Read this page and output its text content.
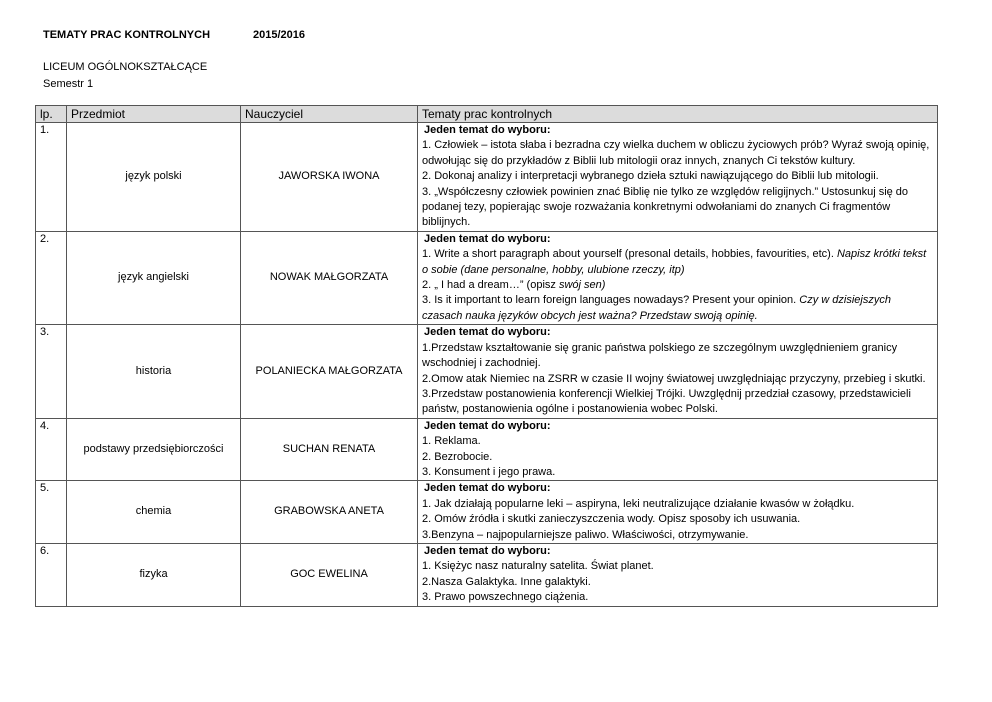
TEMATY PRAC KONTROLNYCH	2015/2016
LICEUM OGÓLNOKSZTAŁCĄCE
Semestr 1
lp.	Przedmiot	Nauczyciel	Tematy prac kontrolnych
1.	język polski	JAWORSKA IWONA	Jeden temat do wyboru:

1. Człowiek – istota słaba i bezradna czy wielka duchem w obliczu życiowych prób? Wyraź swoją opinię, odwołując się do przykładów z Biblii lub mitologii oraz innych, znanych Ci tekstów kultury.

2. Dokonaj analizy i interpretacji wybranego dzieła sztuki nawiązującego do Biblii lub mitologii.

3. „Współczesny człowiek powinien znać Biblię nie tylko ze względów religijnych.” Ustosunkuj się do podanej tezy, popierając swoje rozważania konkretnymi odwołaniami do znanych Ci fragmentów biblijnych.

2.	język angielski	NOWAK MAŁGORZATA	Jeden temat do wyboru:

1. Write a short paragraph about yourself (presonal details, hobbies, favourities, etc). Napisz krótki tekst o sobie (dane personalne, hobby, ulubione rzeczy, itp)

2. „ I had a dream…” (opisz swój sen)

3. Is it important to learn foreign languages nowadays? Present your opinion. Czy w dzisiejszych czasach nauka języków obcych jest ważna? Przedstaw swoją opinię.

3.	historia	POLANIECKA MAŁGORZATA	Jeden temat do wyboru:

1.Przedstaw kształtowanie się granic państwa polskiego ze szczególnym uwzględnieniem granicy wschodniej i zachodniej.

2.Omow atak Niemiec na ZSRR w czasie II wojny światowej uwzględniając przyczyny, przebieg i skutki.

3.Przedstaw postanowienia konferencji Wielkiej Trójki. Uwzględnij przedział czasowy, przedstawicieli państw, postanowienia ogólne i postanowienia wobec Polski.

4.	podstawy przedsiębiorczości	SUCHAN RENATA	Jeden temat do wyboru:

1. Reklama.

2. Bezrobocie.

3. Konsument i jego prawa.

5.	chemia	GRABOWSKA ANETA	Jeden temat do wyboru:

1. Jak działają popularne leki – aspiryna, leki neutralizujące działanie kwasów w żołądku.

2. Omów źródła i skutki zanieczyszczenia wody. Opisz sposoby ich usuwania.

3.Benzyna – najpopularniejsze paliwo. Właściwości, otrzymywanie.

6.	fizyka	GOC EWELINA	Jeden temat do wyboru:

1. Księżyc nasz naturalny satelita. Świat planet.

2.Nasza Galaktyka. Inne galaktyki.

3. Prawo powszechnego ciążenia.
